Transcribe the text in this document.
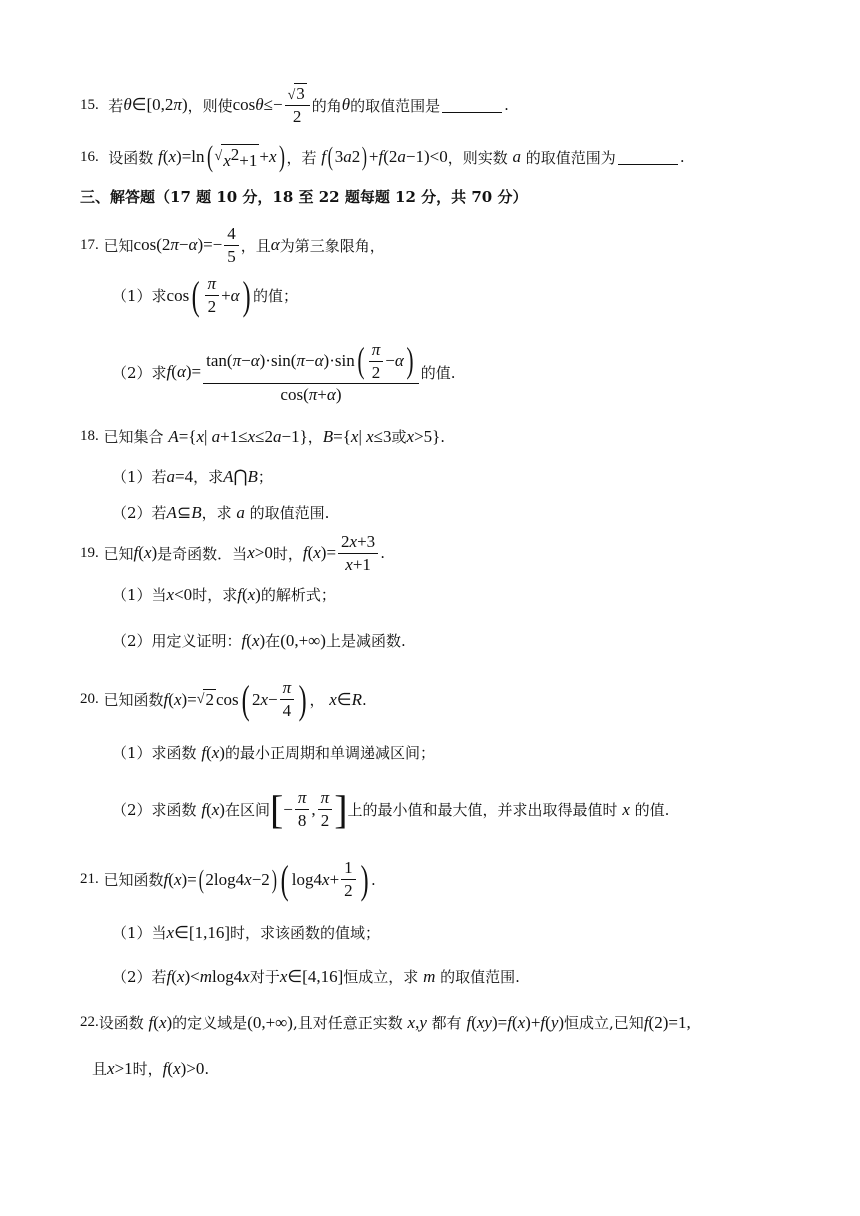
15.
若 θ ∈[0,2 π ) ，则使 $\cos \theta \le- \frac{√3}{2}$ 的角 θ 的取值范围是	.
16.
设函数
f ( x )=ln ( √ $x^2+1 + x$ ) ，若
f ( 3 a 2 ) + f (2 a −1)<0 ，则实数
a
的取值范围为	.
三、解答题（17 题 10 分，18 至 22 题每题 12 分，共 70 分）
17.
已知 cos(2 π − α )=− $\frac{4}{5}$ ，且 α 为第三象限角，
（1）求 cos ( $\frac{\pi}{2} + \alpha$ ) 的值；
（2）求 f ( α )= $\frac{\tan( \pi - \alpha )\cdot\sin( \pi - \alpha )\cdot\sin ( \frac{\pi}{2} - \alpha )}{\cos(\pi+\alpha)}$ 的值.
18.
已知集合
A ={ x | a +1≤ x ≤2 a −1} ， B ={ x | x ≤3 或 x >5} .
（1）若 a =4 ，求 A ⋂ B ；
（2）若 A ⊆ B ，求
a
的取值范围.
19.
已知 f ( x ) 是奇函数．当 x >0 时， f ( x )= $\frac{2x+3}{x+1}$ .
（1）当 x <0 时，求 f ( x ) 的解析式；
（2）用定义证明： f ( x ) 在 (0,+∞) 上是减函数.
20.
已知函数 f ( x )= √ 2 cos ( 2 $x - \frac{\pi}{4}$ ) ，
x ∈ R .
（1）求函数
f ( x ) 的最小正周期和单调递减区间；
（2）求函数
f ( x ) 在区间 [ − $\frac{\pi}{8}$ , $\frac{\pi}{2}$ ] 上的最小值和最大值，并求出取得最值时
x
的值.
21.
已知函数 f ( x )= ( 2log 4 x −2 ) ( log 4 $x + \frac{1}{2}$ ) .
（1）当 x ∈[1,16] 时，求该函数的值域；
（2）若 f ( x )< m log 4 x 对于 x ∈[4,16] 恒成立，求
m
的取值范围.
22. 设函数
f ( x ) 的定义域是 (0,+∞) ,且对任意正实数
x , y
都有
f ( xy )= f ( x )+ f ( y ) 恒成立,已知 f (2)=1,
且 x >1 时， f ( x )>0 .
